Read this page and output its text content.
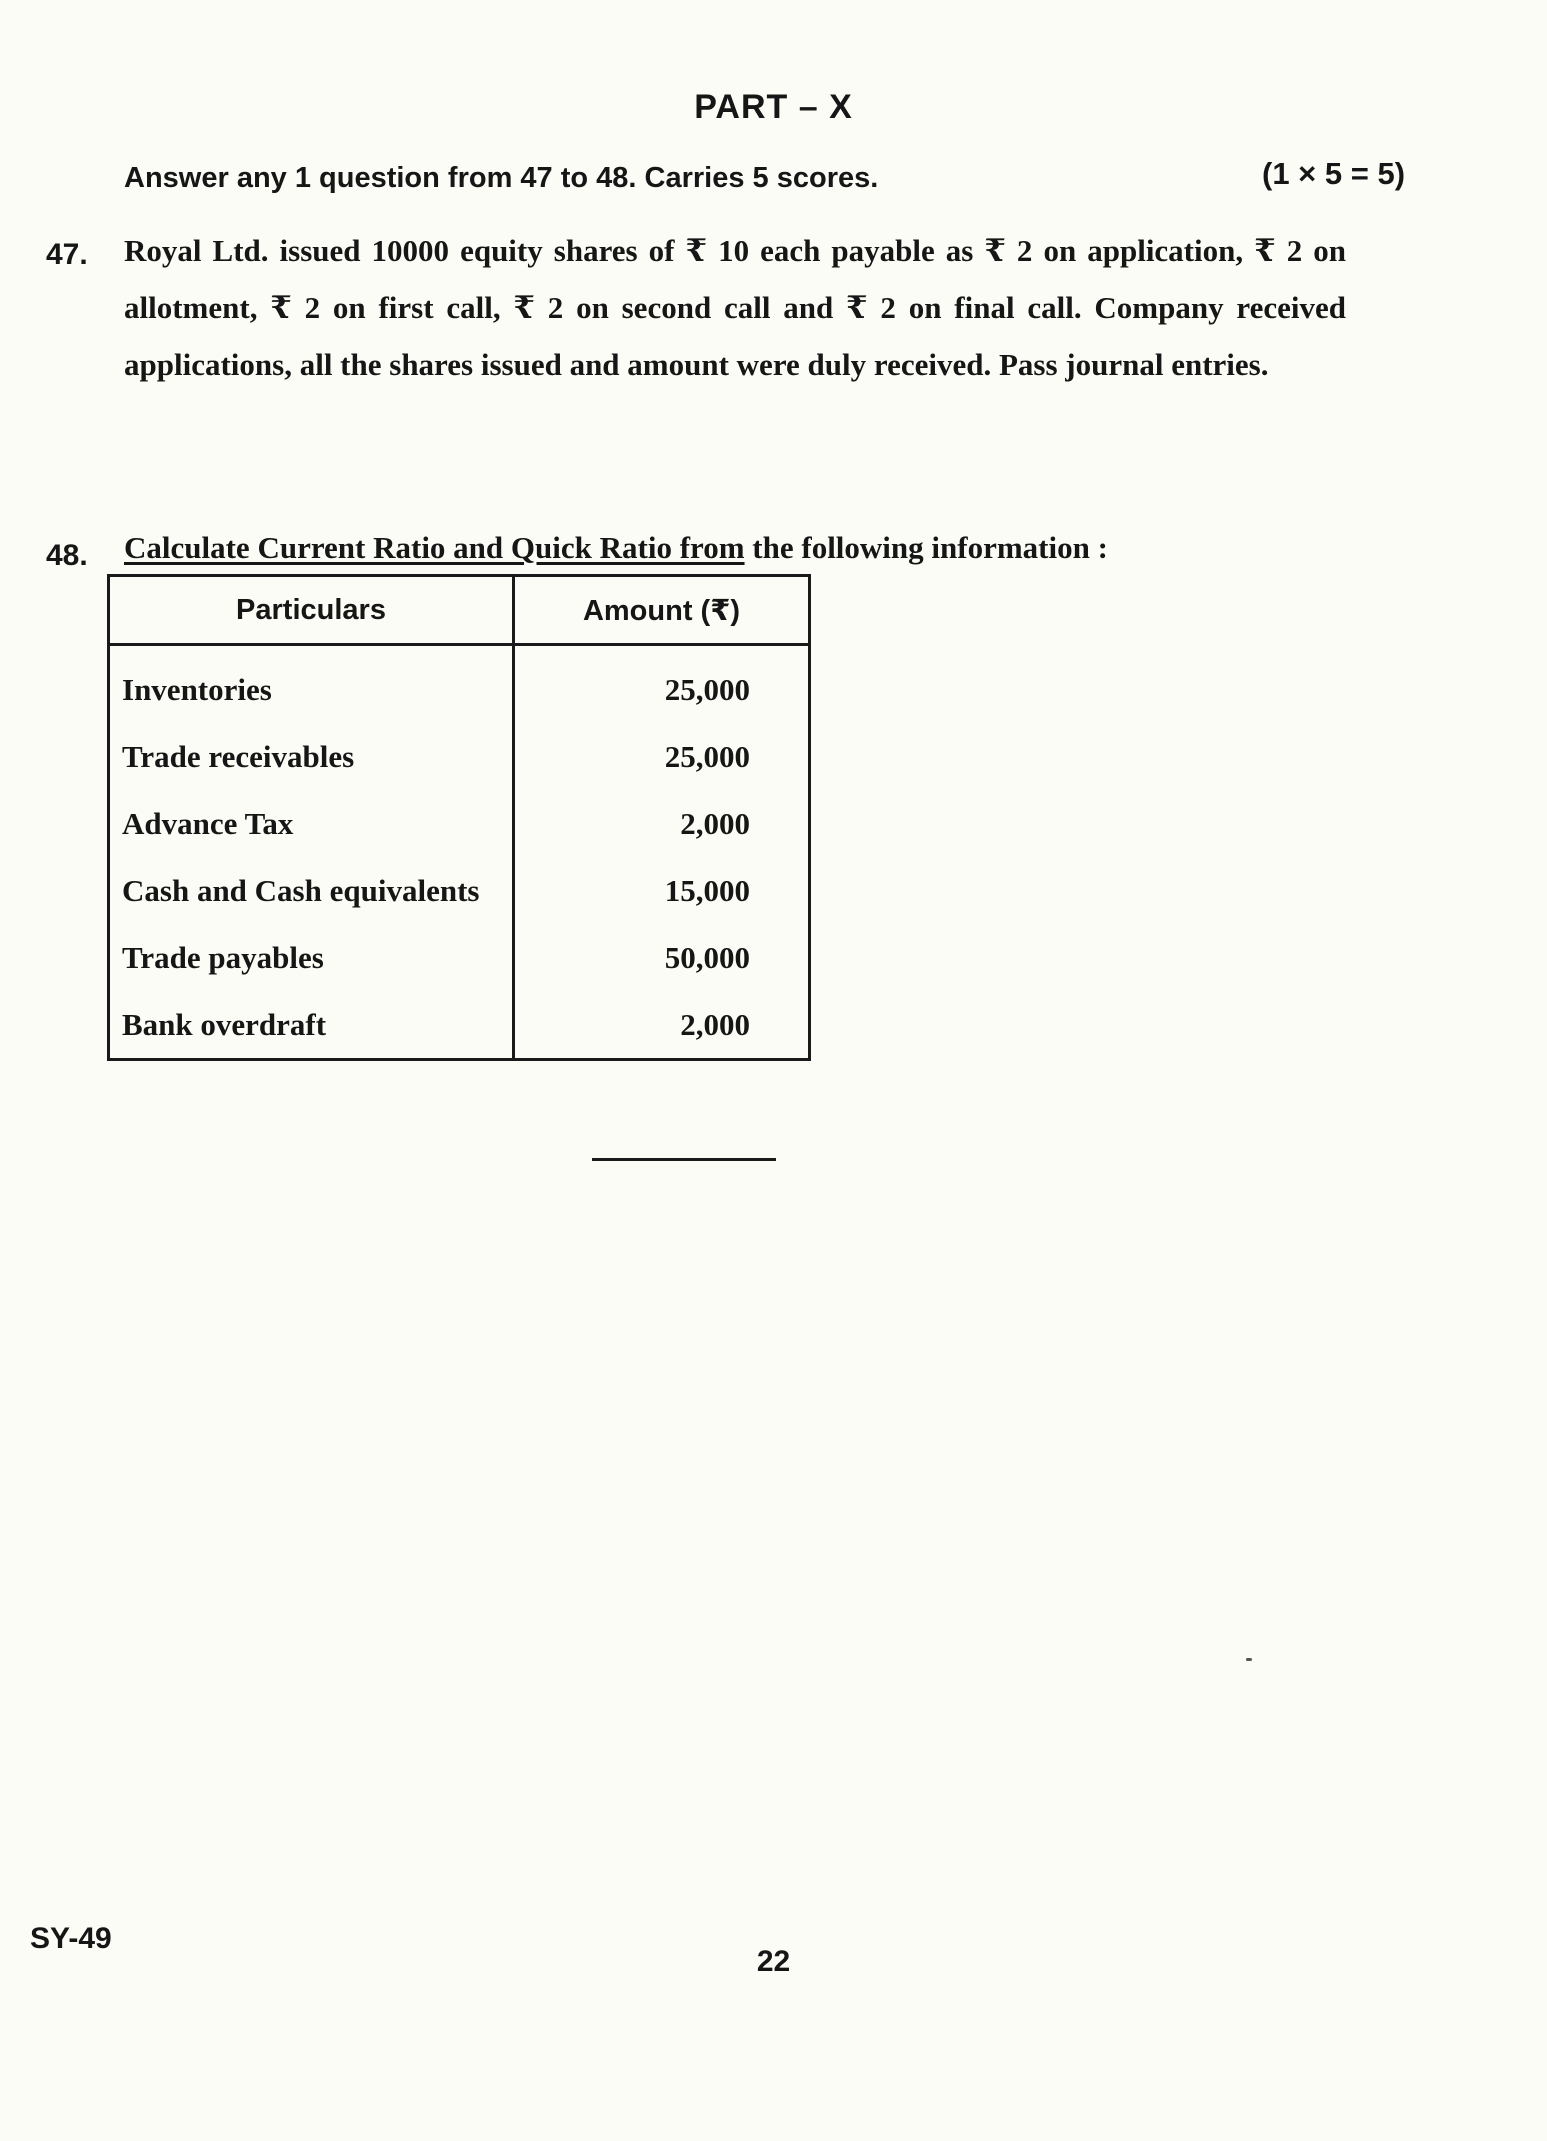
PART – X
Answer any 1 question from 47 to 48. Carries 5 scores.	(1 × 5 = 5)
47. Royal Ltd. issued 10000 equity shares of ₹ 10 each payable as ₹ 2 on application, ₹ 2 on allotment, ₹ 2 on first call, ₹ 2 on second call and ₹ 2 on final call. Company received applications, all the shares issued and amount were duly received. Pass journal entries.
48. Calculate Current Ratio and Quick Ratio from the following information :
Particulars	Amount (₹)
Inventories	25,000
Trade receivables	25,000
Advance Tax	2,000
Cash and Cash equivalents	15,000
Trade payables	50,000
Bank overdraft	2,000
SY-49
22
